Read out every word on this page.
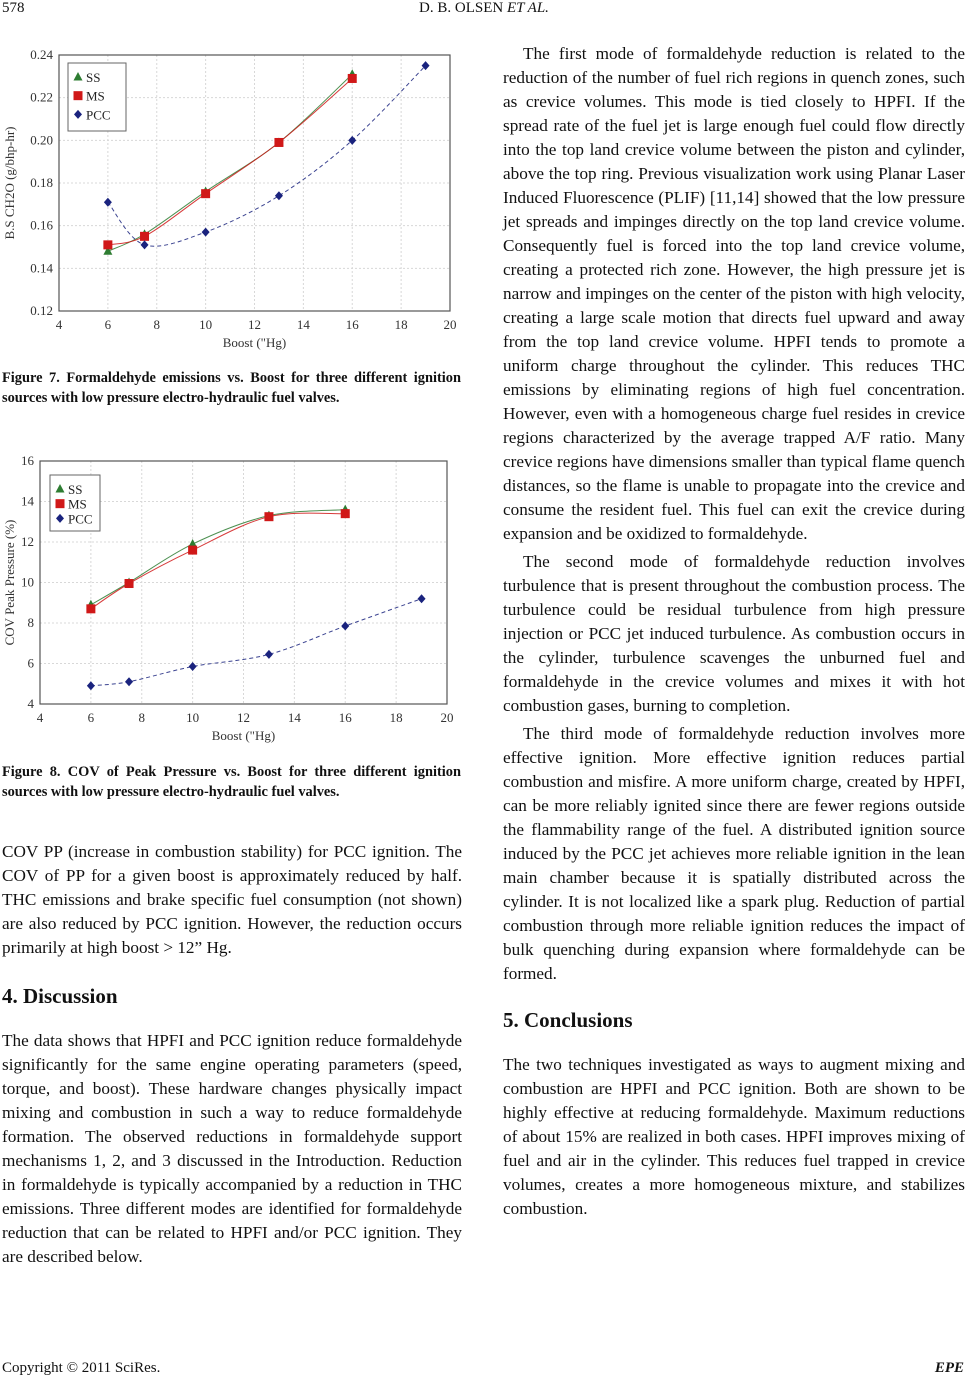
578	D. B. OLSEN ET AL.
4	6	8	10	12	14	16	18	20
0.12
0.14
0.16
0.18
0.20
0.22
0.24
Boost ("Hg)
B.S CH2O (g/bhp-hr)
SS
MS
PCC
Figure 7. Formaldehyde emissions vs. Boost for three different ignition sources with low pressure electro-hydraulic fuel valves.
4	6	8	10	12	14	16	18	20
4
6
8
10
12
14
16
Boost ("Hg)
COV Peak Pressure (%)
SS
MS
PCC
Figure 8. COV of Peak Pressure vs. Boost for three different ignition sources with low pressure electro-hydraulic fuel valves.

COV PP (increase in combustion stability) for PCC ignition. The COV of PP for a given boost is approximately reduced by half. THC emissions and brake specific fuel consumption (not shown) are also reduced by PCC ignition. However, the reduction occurs primarily at high boost > 12” Hg.

4. Discussion

The data shows that HPFI and PCC ignition reduce formaldehyde significantly for the same engine operating parameters (speed, torque, and boost). These hardware changes physically impact mixing and combustion in such a way to reduce formaldehyde formation. The observed reductions in formaldehyde support mechanisms 1, 2, and 3 discussed in the Introduction. Reduction in formaldehyde is typically accompanied by a reduction in THC emissions. Three different modes are identified for formaldehyde reduction that can be related to HPFI and/or PCC ignition. They are described below.

The first mode of formaldehyde reduction is related to the reduction of the number of fuel rich regions in quench zones, such as crevice volumes. This mode is tied closely to HPFI. If the spread rate of the fuel jet is large enough fuel could flow directly into the top land crevice volume between the piston and cylinder, above the top ring. Previous visualization work using Planar Laser Induced Fluorescence (PLIF) [11,14] showed that the low pressure jet spreads and impinges directly on the top land crevice volume. Consequently fuel is forced into the top land crevice volume, creating a protected rich zone. However, the high pressure jet is narrow and impinges on the center of the piston with high velocity, creating a large scale motion that directs fuel upward and away from the top land crevice volume. HPFI tends to promote a uniform charge throughout the cylinder. This reduces THC emissions by eliminating regions of high fuel concentration. However, even with a homogeneous charge fuel resides in crevice regions characterized by the average trapped A/F ratio. Many crevice regions have dimensions smaller than typical flame quench distances, so the flame is unable to propagate into the crevice and consume the resident fuel. This fuel can exit the crevice during expansion and be oxidized to formaldehyde.

The second mode of formaldehyde reduction involves turbulence that is present throughout the combustion process. The turbulence could be residual turbulence from high pressure injection or PCC jet induced turbulence. As combustion occurs in the cylinder, turbulence scavenges the unburned fuel and formaldehyde in the crevice volumes and mixes it with hot combustion gases, burning to completion.

The third mode of formaldehyde reduction involves more effective ignition. More effective ignition reduces partial combustion and misfire. A more uniform charge, created by HPFI, can be more reliably ignited since there are fewer regions outside the flammability range of the fuel. A distributed ignition source induced by the PCC jet achieves more reliable ignition in the lean main chamber because it is spatially distributed across the cylinder. It is not localized like a spark plug. Reduction of partial combustion through more reliable ignition reduces the impact of bulk quenching during expansion where formaldehyde can be formed.

5. Conclusions

The two techniques investigated as ways to augment mixing and combustion are HPFI and PCC ignition. Both are shown to be highly effective at reducing formaldehyde. Maximum reductions of about 15% are realized in both cases. HPFI improves mixing of fuel and air in the cylinder. This reduces fuel trapped in crevice volumes, creates a more homogeneous mixture, and stabilizes combustion.

Copyright © 2011 SciRes.	EPE
